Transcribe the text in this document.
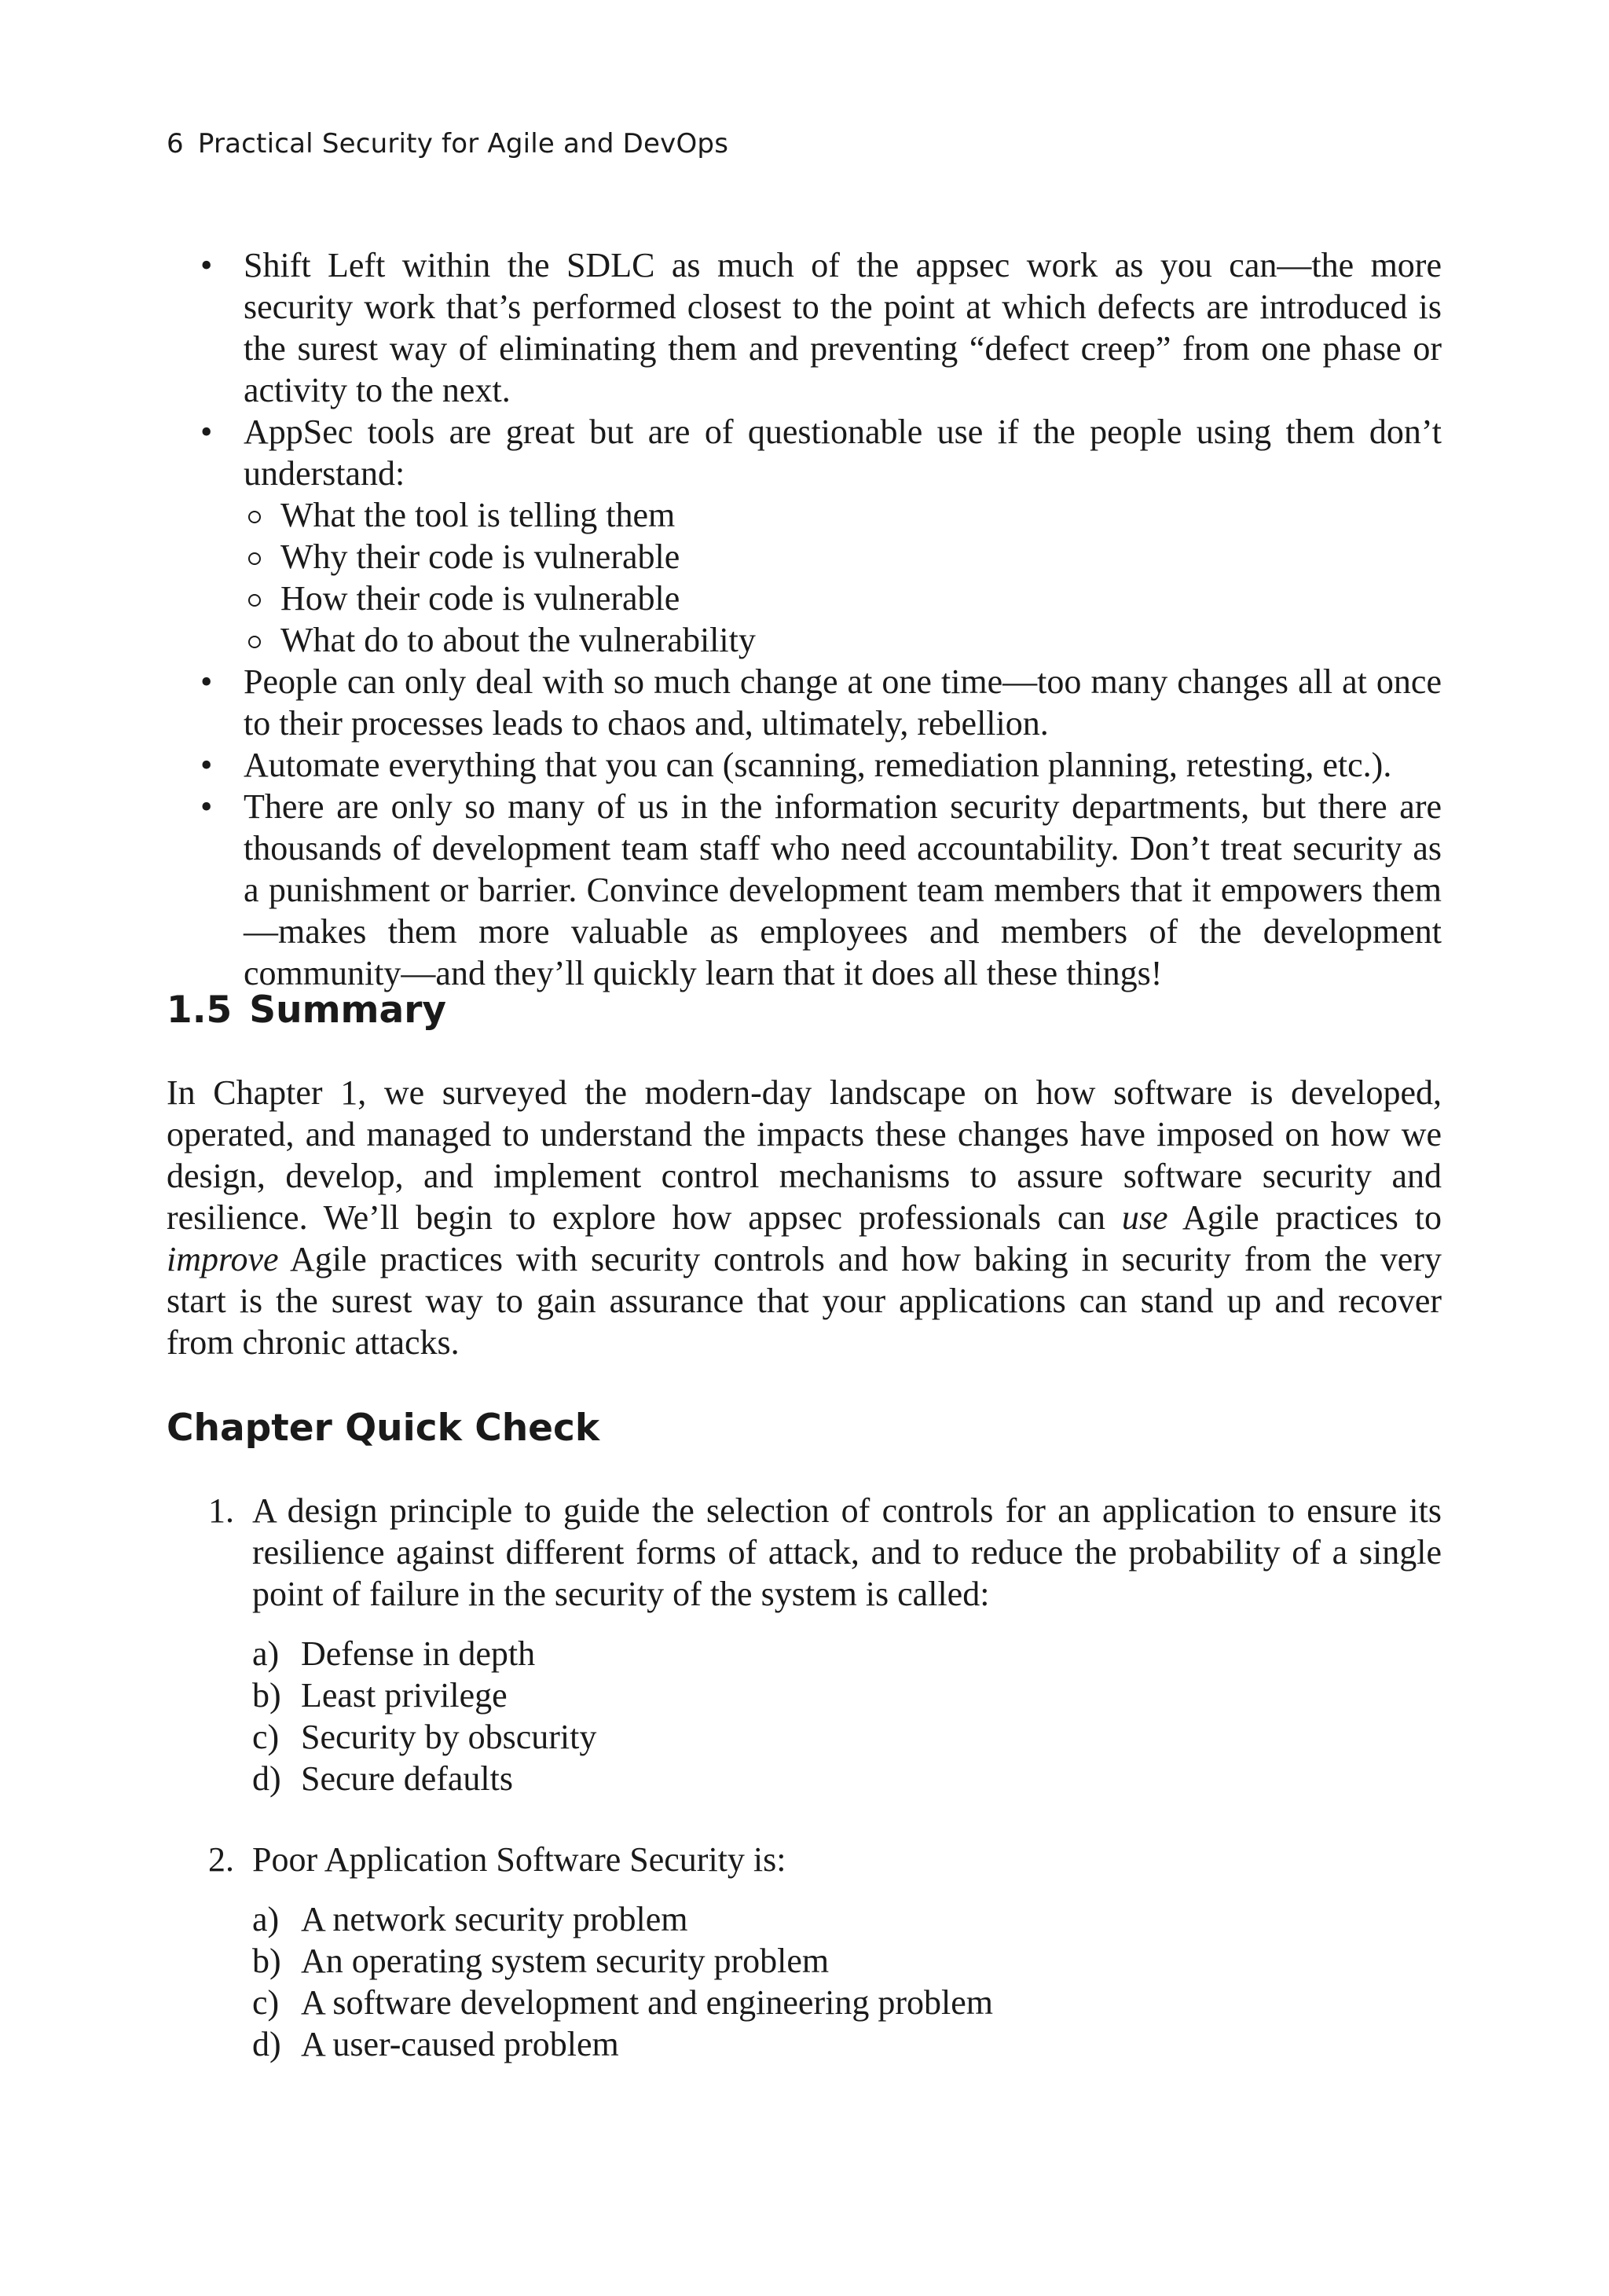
6 Practical Security for Agile and DevOps
• Shift Left within the SDLC as much of the appsec work as you can—the more security work that’s performed closest to the point at which defects are introduced is the surest way of eliminating them and preventing “defect creep” from one phase or activity to the next.
• AppSec tools are great but are of questionable use if the people using them don’t understand:
What the tool is telling them
Why their code is vulnerable
How their code is vulnerable
What do to about the vulnerability
• People can only deal with so much change at one time—too many changes all at once to their processes leads to chaos and, ultimately, rebellion.
• Automate everything that you can (scanning, remediation planning, retesting, etc.).
• There are only so many of us in the information security departments, but there are thousands of development team staff who need accountability. Don’t treat security as a punishment or barrier. Convince development team members that it empowers them—makes them more valuable as employees and members of the development community—and they’ll quickly learn that it does all these things!
1.5 Summary

In Chapter 1, we surveyed the modern-day landscape on how software is developed, operated, and managed to understand the impacts these changes have imposed on how we design, develop, and implement control mechanisms to assure software security and resilience. We’ll begin to explore how appsec professionals can use Agile practices to improve Agile practices with security controls and how baking in security from the very start is the surest way to gain assurance that your applications can stand up and recover from chronic attacks.

Chapter Quick Check
1. A design principle to guide the selection of controls for an application to ensure its resilience against different forms of attack, and to reduce the probability of a single point of failure in the security of the system is called:
a) Defense in depth
b) Least privilege
c) Security by obscurity
d) Secure defaults
2. Poor Application Software Security is:
a) A network security problem
b) An operating system security problem
c) A software development and engineering problem
d) A user-caused problem
